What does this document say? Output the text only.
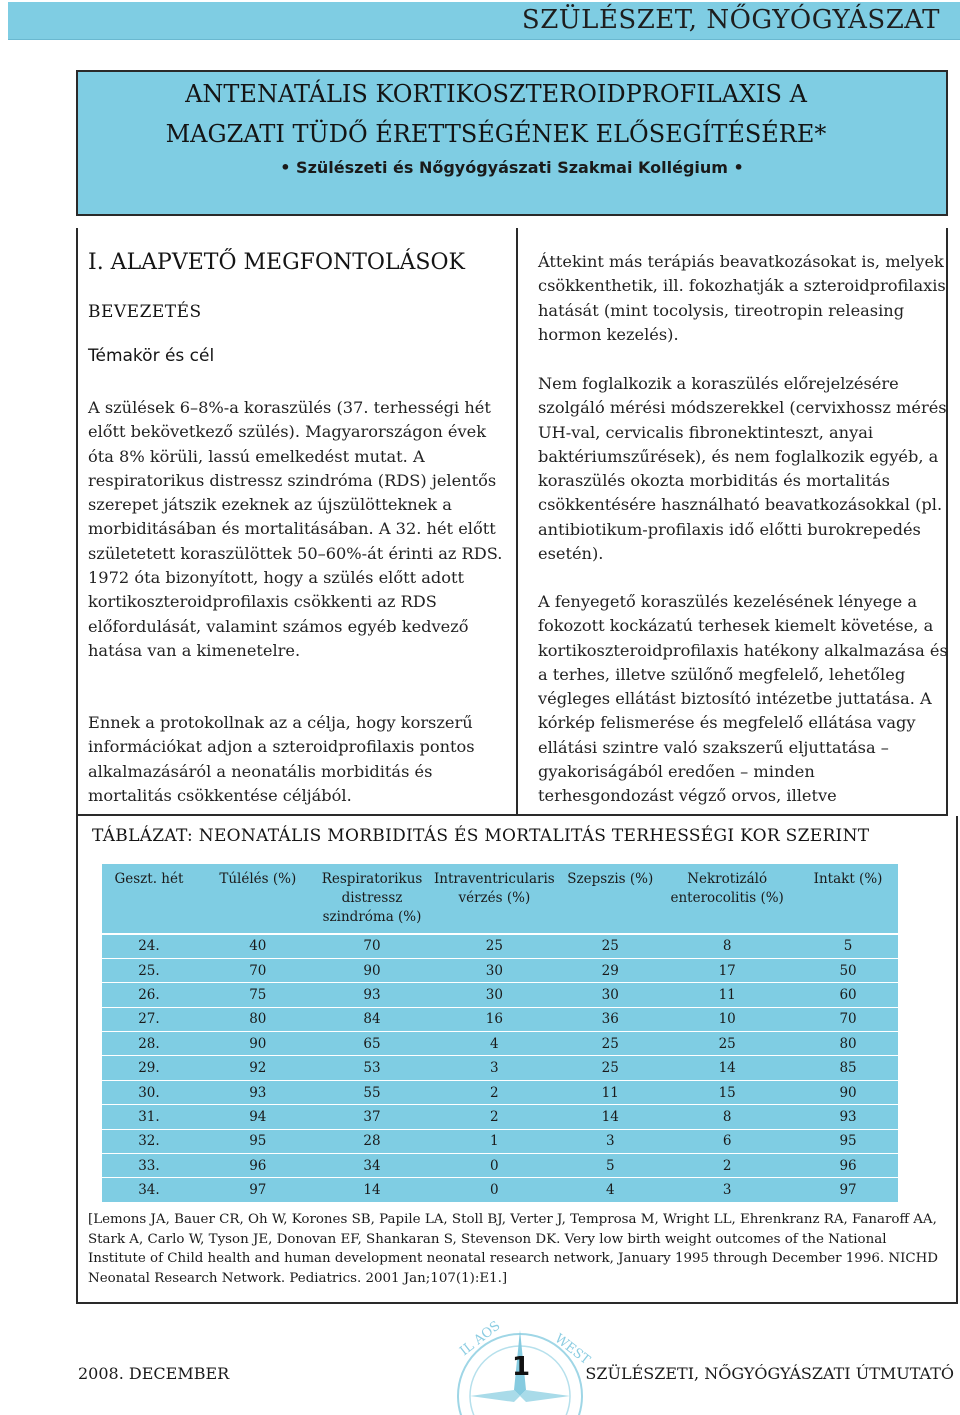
SZÜLÉSZET, NŐGYÓGYÁSZAT
ANTENATÁLIS KORTIKOSZTEROIDPROFILAXIS A
MAGZATI TÜDŐ ÉRETTSÉGÉNEK ELŐSEGÍTÉSÉRE*
• Szülészeti és Nőgyógyászati Szakmai Kollégium •
I. ALAPVETŐ MEGFONTOLÁSOK
BEVEZETÉS
Témakör és cél
A szülések 6–8%-a koraszülés (37. terhességi hét előtt bekövetkező szülés). Magyarországon évek óta 8% körüli, lassú emelkedést mutat. A respiratorikus distressz szindróma (RDS) jelentős szerepet játszik ezeknek az újszülötteknek a morbiditásában és mortalitásában. A 32. hét előtt születetett koraszülöttek 50–60%-át érinti az RDS. 1972 óta bizonyított, hogy a szülés előtt adott kortikoszteroidprofilaxis csökkenti az RDS előfordulását, valamint számos egyéb kedvező hatása van a kimenetelre.
Ennek a protokollnak az a célja, hogy korszerű információkat adjon a szteroidprofilaxis pontos alkalmazásáról a neonatális morbiditás és mortalitás csökkentése céljából.
Áttekint más terápiás beavatkozásokat is, melyek csökkenthetik, ill. fokozhatják a szteroidprofilaxis hatását (mint tocolysis, tireotropin releasing hormon kezelés).
Nem foglalkozik a koraszülés előrejelzésére szolgáló mérési módszerekkel (cervixhossz mérés UH-val, cervicalis fibronektinteszt, anyai baktériumszűrések), és nem foglalkozik egyéb, a koraszülés okozta morbiditás és mortalitás csökkentésére használható beavatkozásokkal (pl. antibiotikum-profilaxis idő előtti burokrepedés esetén).
A fenyegető koraszülés kezelésének lényege a fokozott kockázatú terhesek kiemelt követése, a kortikoszteroidprofilaxis hatékony alkalmazása és a terhes, illetve szülőnő megfelelő, lehetőleg végleges ellátást biztosító intézetbe juttatása. A kórkép felismerése és megfelelő ellátása vagy ellátási szintre való szakszerű eljuttatása – gyakoriságából eredően – minden terhesgondozást végző orvos, illetve
TÁBLÁZAT: NEONATÁLIS MORBIDITÁS ÉS MORTALITÁS TERHESSÉGI KOR SZERINT
Geszt. hét	Túlélés (%)	Respiratorikus distressz szindróma (%)	Intraventricularis vérzés (%)	Szepszis (%)	Nekrotizáló enterocolitis (%)	Intakt (%)
24.	40	70	25	25	8	5
25.	70	90	30	29	17	50
26.	75	93	30	30	11	60
27.	80	84	16	36	10	70
28.	90	65	4	25	25	80
29.	92	53	3	25	14	85
30.	93	55	2	11	15	90
31.	94	37	2	14	8	93
32.	95	28	1	3	6	95
33.	96	34	0	5	2	96
34.	97	14	0	4	3	97
[Lemons JA, Bauer CR, Oh W, Korones SB, Papile LA, Stoll BJ, Verter J, Temprosa M, Wright LL, Ehrenkranz RA, Fanaroff AA, Stark A, Carlo W, Tyson JE, Donovan EF, Shankaran S, Stevenson DK. Very low birth weight outcomes of the National Institute of Child health and human development neonatal research network, January 1995 through December 1996. NICHD Neonatal Research Network. Pediatrics. 2001 Jan;107(1):E1.]
IL AOS	WEST
2008. DECEMBER	1	SZÜLÉSZETI, NŐGYÓGYÁSZATI ÚTMUTATÓ
